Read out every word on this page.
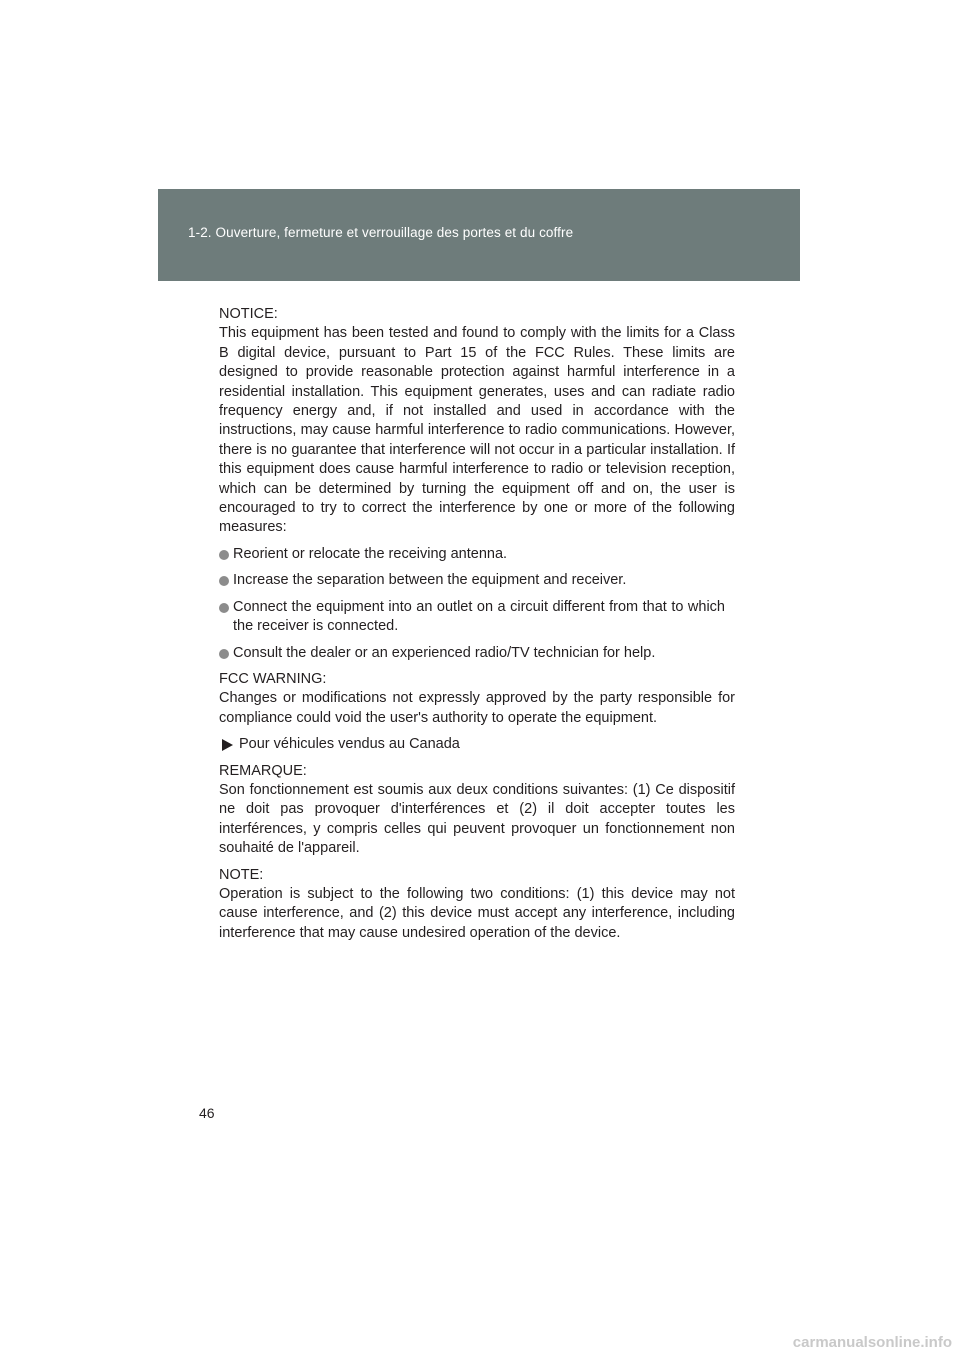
1-2. Ouverture, fermeture et verrouillage des portes et du coffre

NOTICE:
This equipment has been tested and found to comply with the limits for a Class B digital device, pursuant to Part 15 of the FCC Rules. These limits are designed to provide reasonable protection against harmful interference in a residential installation. This equipment generates, uses and can radiate radio frequency energy and, if not installed and used in accordance with the instructions, may cause harmful interference to radio communications. However, there is no guarantee that interference will not occur in a particular installation. If this equipment does cause harmful interference to radio or television reception, which can be determined by turning the equipment off and on, the user is encouraged to try to correct the interference by one or more of the following measures:

Reorient or relocate the receiving antenna.
Increase the separation between the equipment and receiver.
Connect the equipment into an outlet on a circuit different from that to which the receiver is connected.
Consult the dealer or an experienced radio/TV technician for help.

FCC WARNING:
Changes or modifications not expressly approved by the party responsible for compliance could void the user's authority to operate the equipment.

Pour véhicules vendus au Canada

REMARQUE:
Son fonctionnement est soumis aux deux conditions suivantes: (1) Ce dispositif ne doit pas provoquer d'interférences et (2) il doit accepter toutes les interférences, y compris celles qui peuvent provoquer un fonctionnement non souhaité de l'appareil.

NOTE:
Operation is subject to the following two conditions: (1) this device may not cause interference, and (2) this device must accept any interference, including interference that may cause undesired operation of the device.

46
carmanualsonline.info
